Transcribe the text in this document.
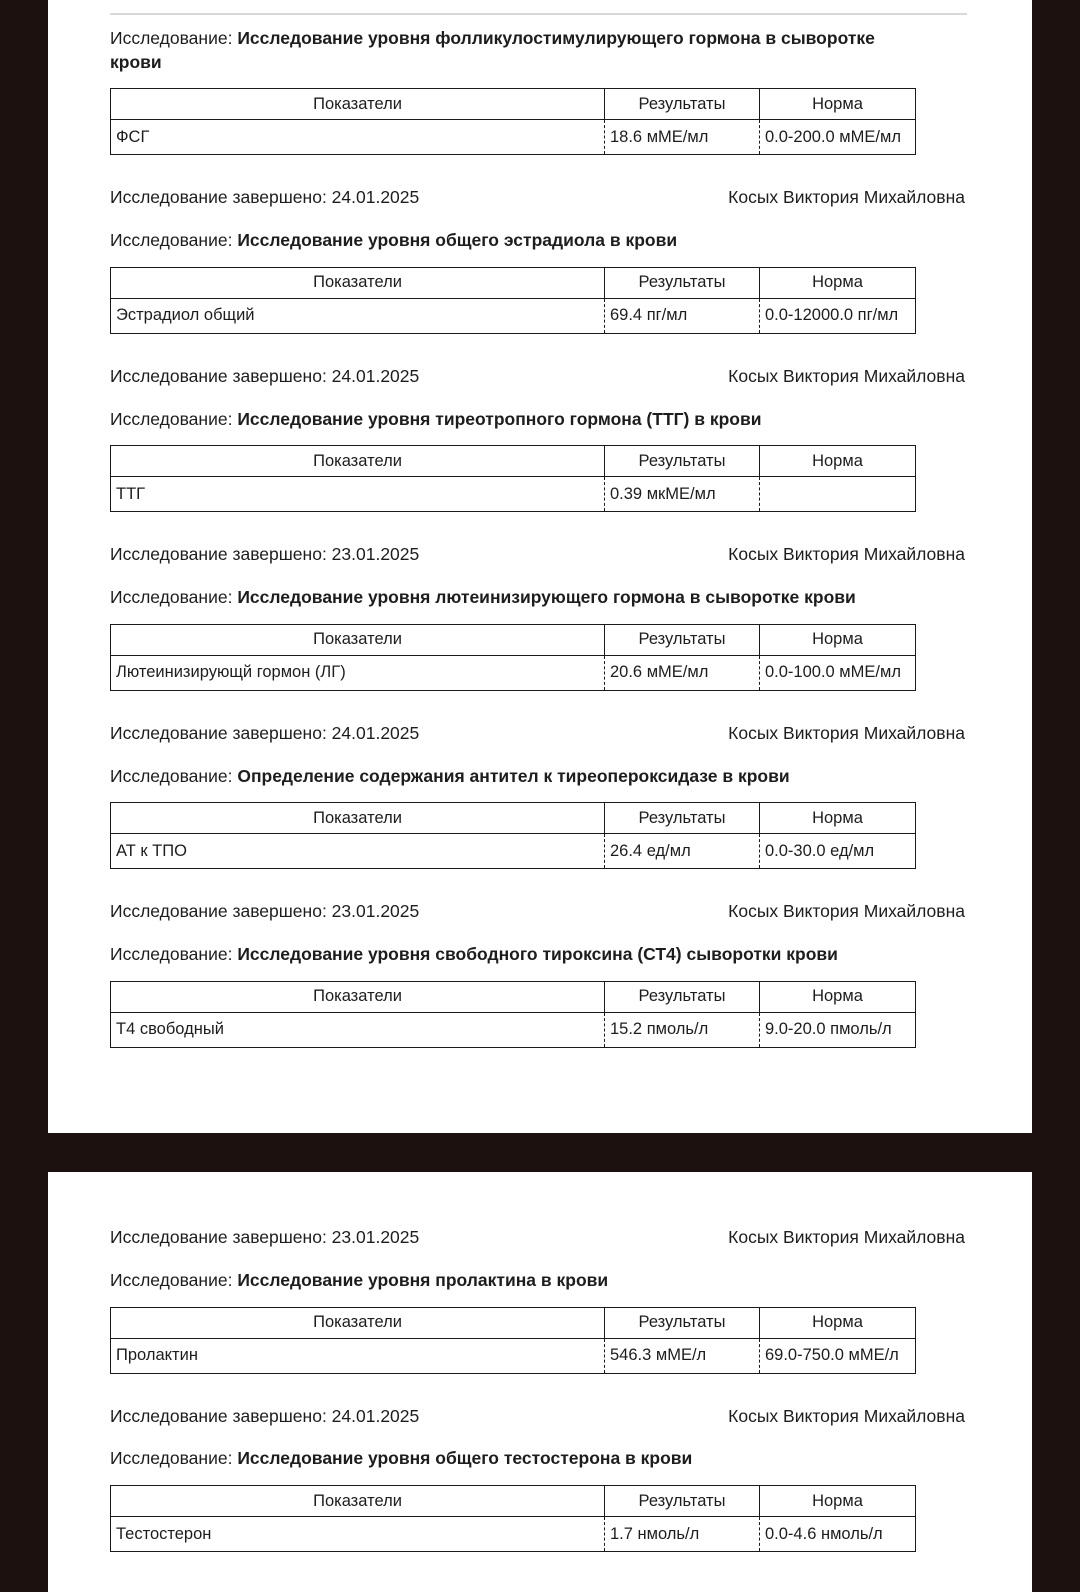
Исследование: Исследование уровня фолликулостимулирующего гормона в сыворотке крови
Показатели	Результаты	Норма
ФСГ	18.6 мМЕ/мл	0.0-200.0 мМЕ/мл
Исследование завершено: 24.01.2025	Косых Виктория Михайловна
Исследование: Исследование уровня общего эстрадиола в крови
Показатели	Результаты	Норма
Эстрадиол общий	69.4 пг/мл	0.0-12000.0 пг/мл
Исследование завершено: 24.01.2025	Косых Виктория Михайловна
Исследование: Исследование уровня тиреотропного гормона (ТТГ) в крови
Показатели	Результаты	Норма
ТТГ	0.39 мкМЕ/мл	
Исследование завершено: 23.01.2025	Косых Виктория Михайловна
Исследование: Исследование уровня лютеинизирующего гормона в сыворотке крови
Показатели	Результаты	Норма
Лютеинизирующй гормон (ЛГ)	20.6 мМЕ/мл	0.0-100.0 мМЕ/мл
Исследование завершено: 24.01.2025	Косых Виктория Михайловна
Исследование: Определение содержания антител к тиреопероксидазе в крови
Показатели	Результаты	Норма
АТ к ТПО	26.4 ед/мл	0.0-30.0 ед/мл
Исследование завершено: 23.01.2025	Косых Виктория Михайловна
Исследование: Исследование уровня свободного тироксина (СТ4) сыворотки крови
Показатели	Результаты	Норма
Т4 свободный	15.2 пмоль/л	9.0-20.0 пмоль/л
Исследование завершено: 23.01.2025	Косых Виктория Михайловна
Исследование: Исследование уровня пролактина в крови
Показатели	Результаты	Норма
Пролактин	546.3 мМЕ/л	69.0-750.0 мМЕ/л
Исследование завершено: 24.01.2025	Косых Виктория Михайловна
Исследование: Исследование уровня общего тестостерона в крови
Показатели	Результаты	Норма
Тестостерон	1.7 нмоль/л	0.0-4.6 нмоль/л
